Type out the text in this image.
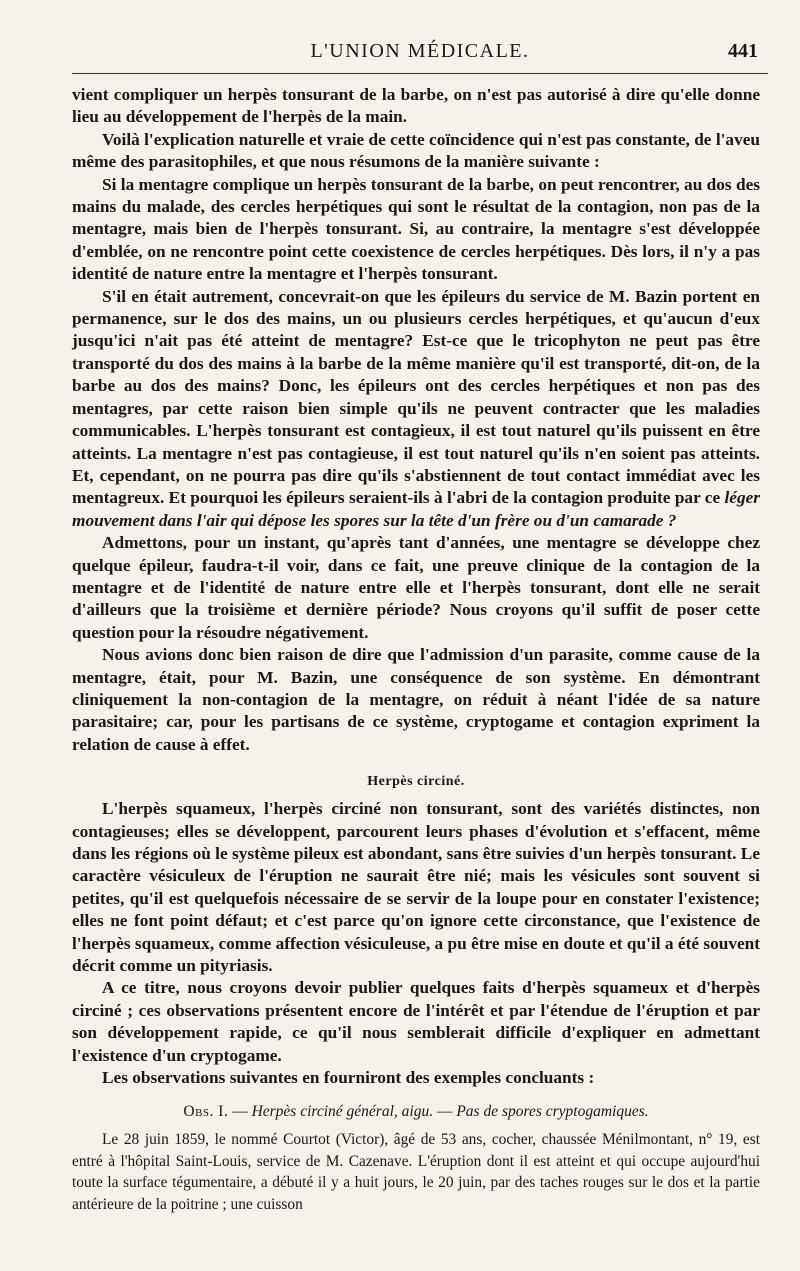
L'UNION MÉDICALE.	441

vient compliquer un herpès tonsurant de la barbe, on n'est pas autorisé à dire qu'elle donne lieu au développement de l'herpès de la main.

Voilà l'explication naturelle et vraie de cette coïncidence qui n'est pas constante, de l'aveu même des parasitophiles, et que nous résumons de la manière suivante :

Si la mentagre complique un herpès tonsurant de la barbe, on peut rencontrer, au dos des mains du malade, des cercles herpétiques qui sont le résultat de la contagion, non pas de la mentagre, mais bien de l'herpès tonsurant. Si, au contraire, la mentagre s'est développée d'emblée, on ne rencontre point cette coexistence de cercles herpétiques. Dès lors, il n'y a pas identité de nature entre la mentagre et l'herpès tonsurant.

S'il en était autrement, concevrait-on que les épileurs du service de M. Bazin portent en permanence, sur le dos des mains, un ou plusieurs cercles herpétiques, et qu'aucun d'eux jusqu'ici n'ait pas été atteint de mentagre? Est-ce que le tricophyton ne peut pas être transporté du dos des mains à la barbe de la même manière qu'il est transporté, dit-on, de la barbe au dos des mains? Donc, les épileurs ont des cercles herpétiques et non pas des mentagres, par cette raison bien simple qu'ils ne peuvent contracter que les maladies communicables. L'herpès tonsurant est contagieux, il est tout naturel qu'ils puissent en être atteints. La mentagre n'est pas contagieuse, il est tout naturel qu'ils n'en soient pas atteints. Et, cependant, on ne pourra pas dire qu'ils s'abstiennent de tout contact immédiat avec les mentagreux. Et pourquoi les épileurs seraient-ils à l'abri de la contagion produite par ce léger mouvement dans l'air qui dépose les spores sur la tête d'un frère ou d'un camarade ?

Admettons, pour un instant, qu'après tant d'années, une mentagre se développe chez quelque épileur, faudra-t-il voir, dans ce fait, une preuve clinique de la contagion de la mentagre et de l'identité de nature entre elle et l'herpès tonsurant, dont elle ne serait d'ailleurs que la troisième et dernière période? Nous croyons qu'il suffit de poser cette question pour la résoudre négativement.

Nous avions donc bien raison de dire que l'admission d'un parasite, comme cause de la mentagre, était, pour M. Bazin, une conséquence de son système. En démontrant cliniquement la non-contagion de la mentagre, on réduit à néant l'idée de sa nature parasitaire; car, pour les partisans de ce système, cryptogame et contagion expriment la relation de cause à effet.

Herpès circiné.

L'herpès squameux, l'herpès circiné non tonsurant, sont des variétés distinctes, non contagieuses; elles se développent, parcourent leurs phases d'évolution et s'effacent, même dans les régions où le système pileux est abondant, sans être suivies d'un herpès tonsurant. Le caractère vésiculeux de l'éruption ne saurait être nié; mais les vésicules sont souvent si petites, qu'il est quelquefois nécessaire de se servir de la loupe pour en constater l'existence; elles ne font point défaut; et c'est parce qu'on ignore cette circonstance, que l'existence de l'herpès squameux, comme affection vésiculeuse, a pu être mise en doute et qu'il a été souvent décrit comme un pityriasis.

A ce titre, nous croyons devoir publier quelques faits d'herpès squameux et d'herpès circiné ; ces observations présentent encore de l'intérêt et par l'étendue de l'éruption et par son développement rapide, ce qu'il nous semblerait difficile d'expliquer en admettant l'existence d'un cryptogame.

Les observations suivantes en fourniront des exemples concluants :

Obs. I. — Herpès circiné général, aigu. — Pas de spores cryptogamiques.

Le 28 juin 1859, le nommé Courtot (Victor), âgé de 53 ans, cocher, chaussée Ménilmontant, n° 19, est entré à l'hôpital Saint-Louis, service de M. Cazenave. L'éruption dont il est atteint et qui occupe aujourd'hui toute la surface tégumentaire, a débuté il y a huit jours, le 20 juin, par des taches rouges sur le dos et la partie antérieure de la poitrine ; une cuisson
